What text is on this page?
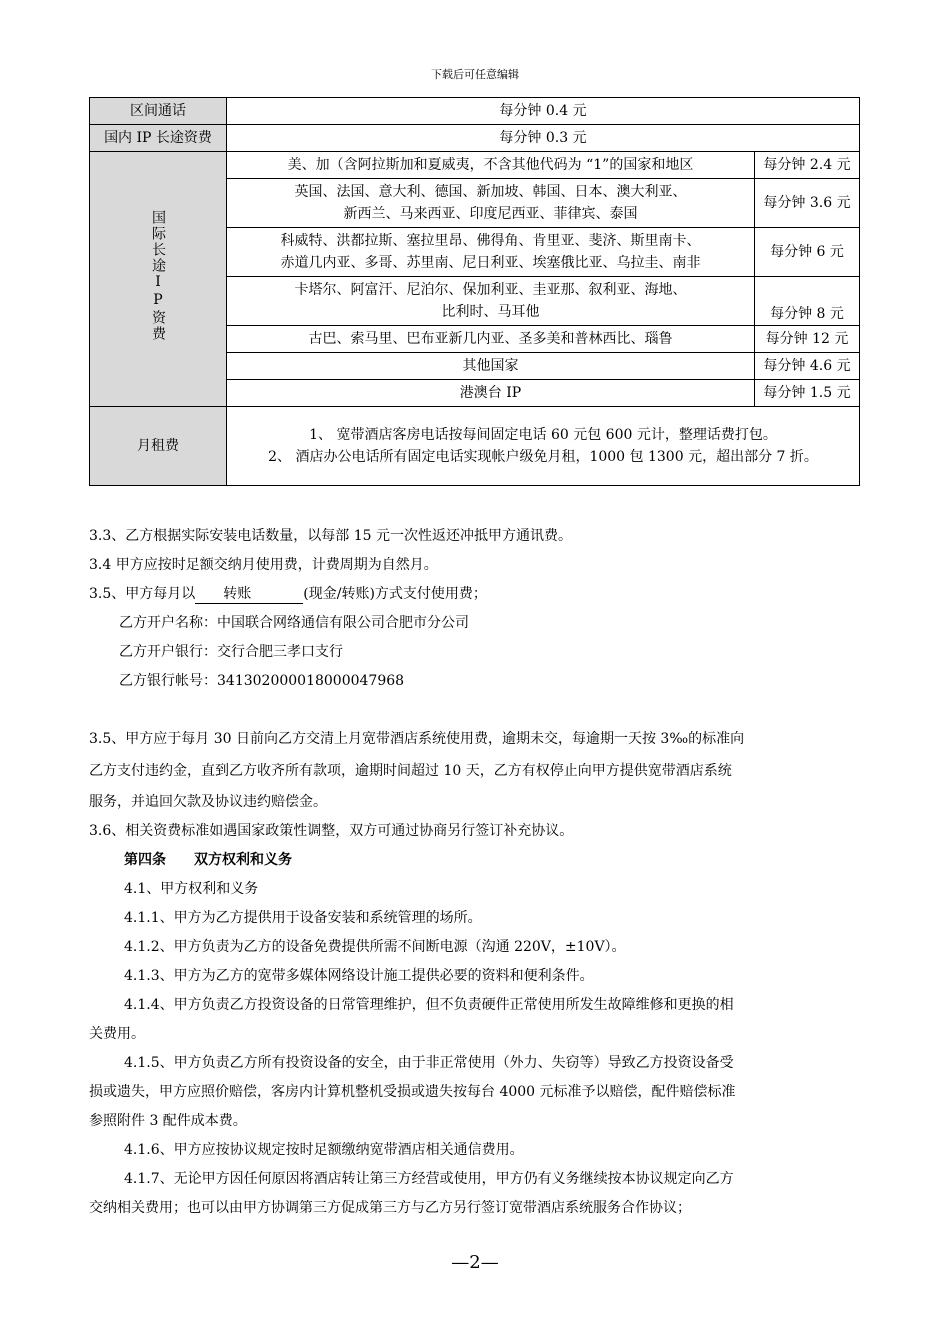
下载后可任意编辑
区间通话	每分钟 0.4 元	
国内 IP 长途资费	每分钟 0.3 元	
国际长途IP资费	美、加（含阿拉斯加和夏威夷，不含其他代码为 “1”的国家和地区	每分钟 2.4 元

	英国、法国、意大利、德国、新加坡、韩国、日本、澳大利亚、
新西兰、马来西亚、印度尼西亚、菲律宾、泰国	每分钟 3.6 元

	科威特、洪都拉斯、塞拉里昂、佛得角、肯里亚、斐济、斯里南卡、
赤道几内亚、多哥、苏里南、尼日利亚、埃塞俄比亚、乌拉圭、南非	每分钟 6 元

	卡塔尔、阿富汗、尼泊尔、保加利亚、圭亚那、叙利亚、海地、
比利时、马耳他	每分钟 8 元
	古巴、索马里、巴布亚新几内亚、圣多美和普林西比、瑙鲁	每分钟 12 元
	其他国家	每分钟 4.6 元
	港澳台 IP	每分钟 1.5 元
月租费	1、 宽带酒店客房电话按每间固定电话 60 元包 600 元计，整理话费打包。
2、 酒店办公电话所有固定电话实现帐户级免月租，1000 包 1300 元，超出部分 7 折。	
3.3、乙方根据实际安装电话数量，以每部 15 元一次性返还冲抵甲方通讯费。
3.4 甲方应按时足额交纳月使用费，计费周期为自然月。
3.5、甲方每月以 转账	(现金/转账)方式支付使用费；
乙方开户名称：中国联合网络通信有限公司合肥市分公司
乙方开户银行：交行合肥三孝口支行
乙方银行帐号：341302000018000047968
3.5、甲方应于每月 30 日前向乙方交清上月宽带酒店系统使用费，逾期未交，每逾期一天按 3‰的标准向
乙方支付违约金，直到乙方收齐所有款项，逾期时间超过 10 天，乙方有权停止向甲方提供宽带酒店系统
服务，并追回欠款及协议违约赔偿金。
3.6、相关资费标准如遇国家政策性调整，双方可通过协商另行签订补充协议。
第四条　　双方权利和义务
4.1、甲方权利和义务
4.1.1、甲方为乙方提供用于设备安装和系统管理的场所。
4.1.2、甲方负责为乙方的设备免费提供所需不间断电源（沟通 220V，±10V）。
4.1.3、甲方为乙方的宽带多媒体网络设计施工提供必要的资料和便利条件。
4.1.4、甲方负责乙方投资设备的日常管理维护，但不负责硬件正常使用所发生故障维修和更换的相
关费用。
4.1.5、甲方负责乙方所有投资设备的安全，由于非正常使用（外力、失窃等）导致乙方投资设备受
损或遗失，甲方应照价赔偿，客房内计算机整机受损或遗失按每台 4000 元标准予以赔偿，配件赔偿标准
参照附件 3 配件成本费。
4.1.6、甲方应按协议规定按时足额缴纳宽带酒店相关通信费用。
4.1.7、无论甲方因任何原因将酒店转让第三方经营或使用，甲方仍有义务继续按本协议规定向乙方
交纳相关费用；也可以由甲方协调第三方促成第三方与乙方另行签订宽带酒店系统服务合作协议；
—2—
